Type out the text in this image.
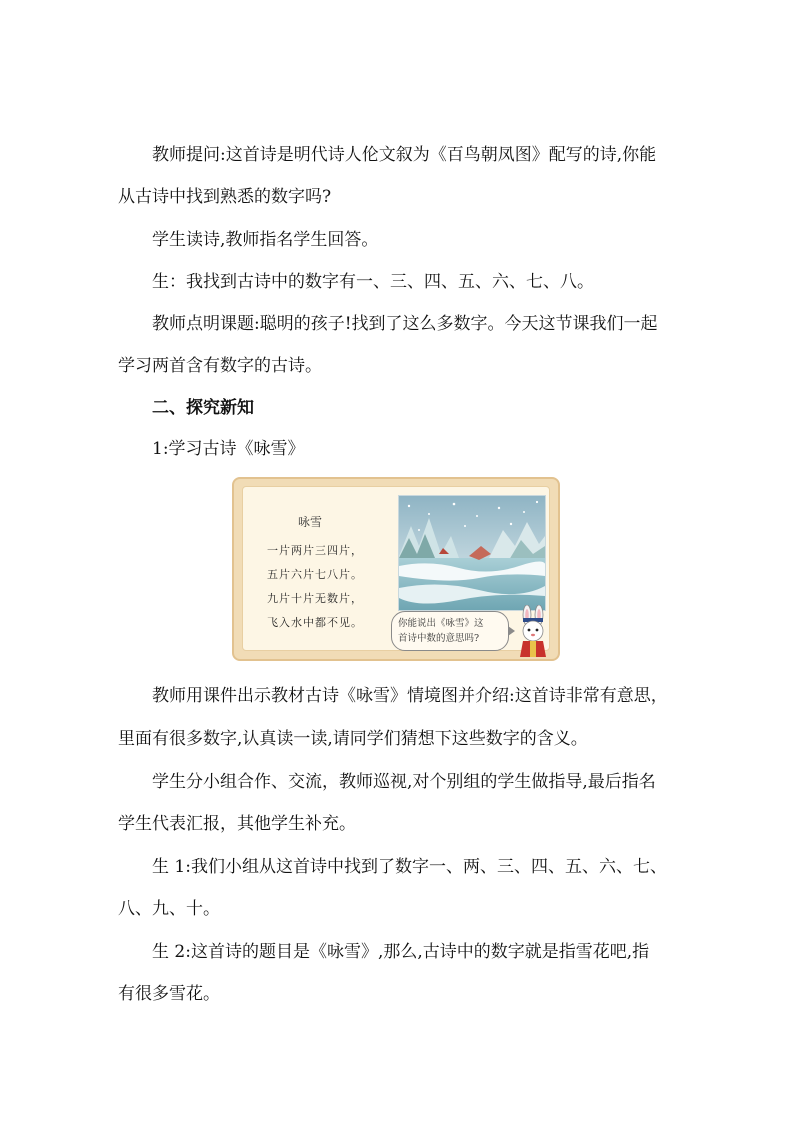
教师提问:这首诗是明代诗人伦文叙为《百鸟朝凤图》配写的诗,你能
从古诗中找到熟悉的数字吗?
学生读诗,教师指名学生回答。
生：我找到古诗中的数字有一、三、四、五、六、七、八。
教师点明课题:聪明的孩子!找到了这么多数字。今天这节课我们一起
学习两首含有数字的古诗。
二、探究新知
1:学习古诗《咏雪》
咏雪
一片两片三四片，
五片六片七八片。
九片十片无数片，
飞入水中都不见。	你能说出《咏雪》这
首诗中数的意思吗?
教师用课件出示教材古诗《咏雪》情境图并介绍:这首诗非常有意思，
里面有很多数字,认真读一读,请同学们猜想下这些数字的含义。
学生分小组合作、交流，教师巡视,对个别组的学生做指导,最后指名
学生代表汇报，其他学生补充。
生 1:我们小组从这首诗中找到了数字一、两、三、四、五、六、七、
八、九、十。
生 2:这首诗的题目是《咏雪》,那么,古诗中的数字就是指雪花吧,指
有很多雪花。
